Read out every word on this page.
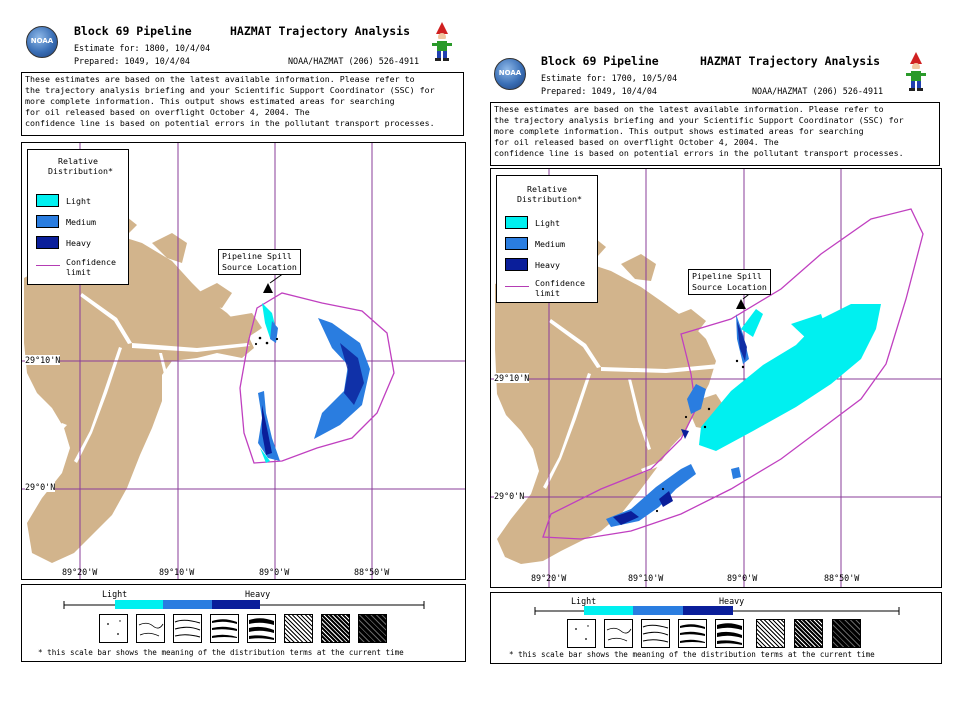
NOAA
Block 69 Pipeline	HAZMAT Trajectory Analysis
Estimate for: 1800, 10/4/04
Prepared: 1049, 10/4/04	NOAA/HAZMAT (206) 526-4911
These estimates are based on the latest available information. Please refer to
the trajectory analysis briefing and your Scientific Support Coordinator (SSC) for
more complete information. This output shows estimated areas for searching
for oil released based on overflight October 4, 2004. The
confidence line is based on potential errors in the pollutant transport processes.
Relative Distribution*
Light
Medium
Heavy
Confidence limit
Pipeline Spill
Source Location
29°10'N
29°0'N
89°20'W	89°10'W	89°0'W	88°50'W
Light	Heavy
* this scale bar shows the meaning of the distribution terms at the current time
NOAA
Block 69 Pipeline	HAZMAT Trajectory Analysis
Estimate for: 1700, 10/5/04
Prepared: 1049, 10/4/04	NOAA/HAZMAT (206) 526-4911
These estimates are based on the latest available information. Please refer to
the trajectory analysis briefing and your Scientific Support Coordinator (SSC) for
more complete information. This output shows estimated areas for searching
for oil released based on overflight October 4, 2004. The
confidence line is based on potential errors in the pollutant transport processes.
Relative Distribution*
Light
Medium
Heavy
Confidence limit
Pipeline Spill
Source Location
29°10'N
29°0'N
89°20'W	89°10'W	89°0'W	88°50'W
Light	Heavy
* this scale bar shows the meaning of the distribution terms at the current time
